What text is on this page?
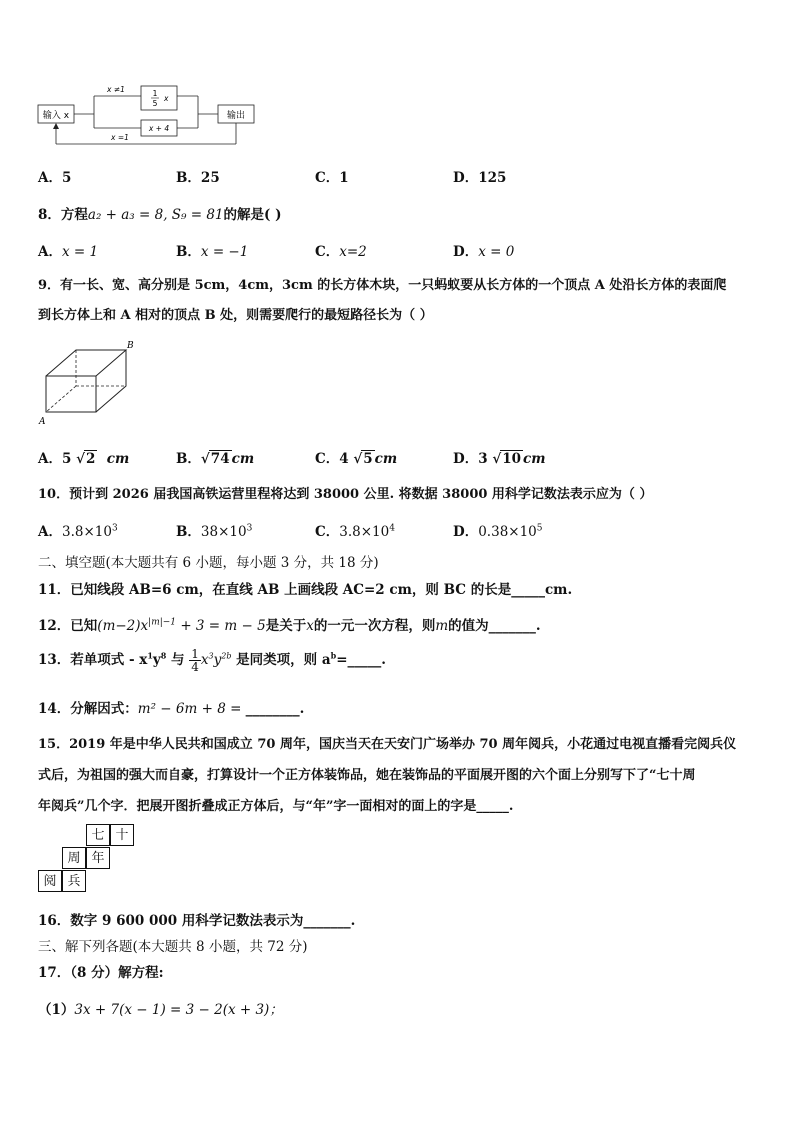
输入 x	输出
x ≠1	1
5
x
x + 4
x =1
A．5	B．25	C．1	D．125
8．方程a₂ + a₃ = 8, S₉ = 81的解是( )
A．x = 1	B．x = −1	C．x=2	D．x = 0
9．有一长、宽、高分别是 5cm，4cm，3cm 的长方体木块，一只蚂蚁要从长方体的一个顶点 A 处沿长方体的表面爬
到长方体上和 A 相对的顶点 B 处，则需要爬行的最短路径长为（ ）
A
B
A．5 √2 cm	B．√74 cm	C．4 √5 cm	D．3 √10 cm
10．预计到 2026 届我国高铁运营里程将达到 38000 公里. 将数据 38000 用科学记数法表示应为（ ）
A．$3.8\times 10^3$	B．$38\times 10^3$	C．$3.8\times 10^4$	D．$0.38\times 10^5$
二、填空题(本大题共有 6 小题，每小题 3 分，共 18 分)
11．已知线段 AB=6 cm，在直线 AB 上画线段 AC=2 cm，则 BC 的长是_____cm.
12．已知$(m-2)x^{|m|-1} + 3 = m - 5$是关于x的一元一次方程，则m的值为_______.
13．若单项式 - $x^1y^8$ 与 $\frac{1}{4} x^3y^{2b}$ 是同类项，则 $a^b=\_\_\_\_\_$.
14．分解因式：m² − 6m + 8 = ________.
15．2019 年是中华人民共和国成立 70 周年，国庆当天在天安门广场举办 70 周年阅兵，小花通过电视直播看完阅兵仪
式后，为祖国的强大而自豪，打算设计一个正方体装饰品，她在装饰品的平面展开图的六个面上分别写下了“七十周
年阅兵”几个字．把展开图折叠成正方体后，与“年”字一面相对的面上的字是_____.
七 十
周 年
阅 兵
16．数字 9 600 000 用科学记数法表示为_______.
三、解下列各题(本大题共 8 小题，共 72 分)
17．（8 分）解方程:
（1）3x + 7(x − 1) = 3 − 2(x + 3)；
